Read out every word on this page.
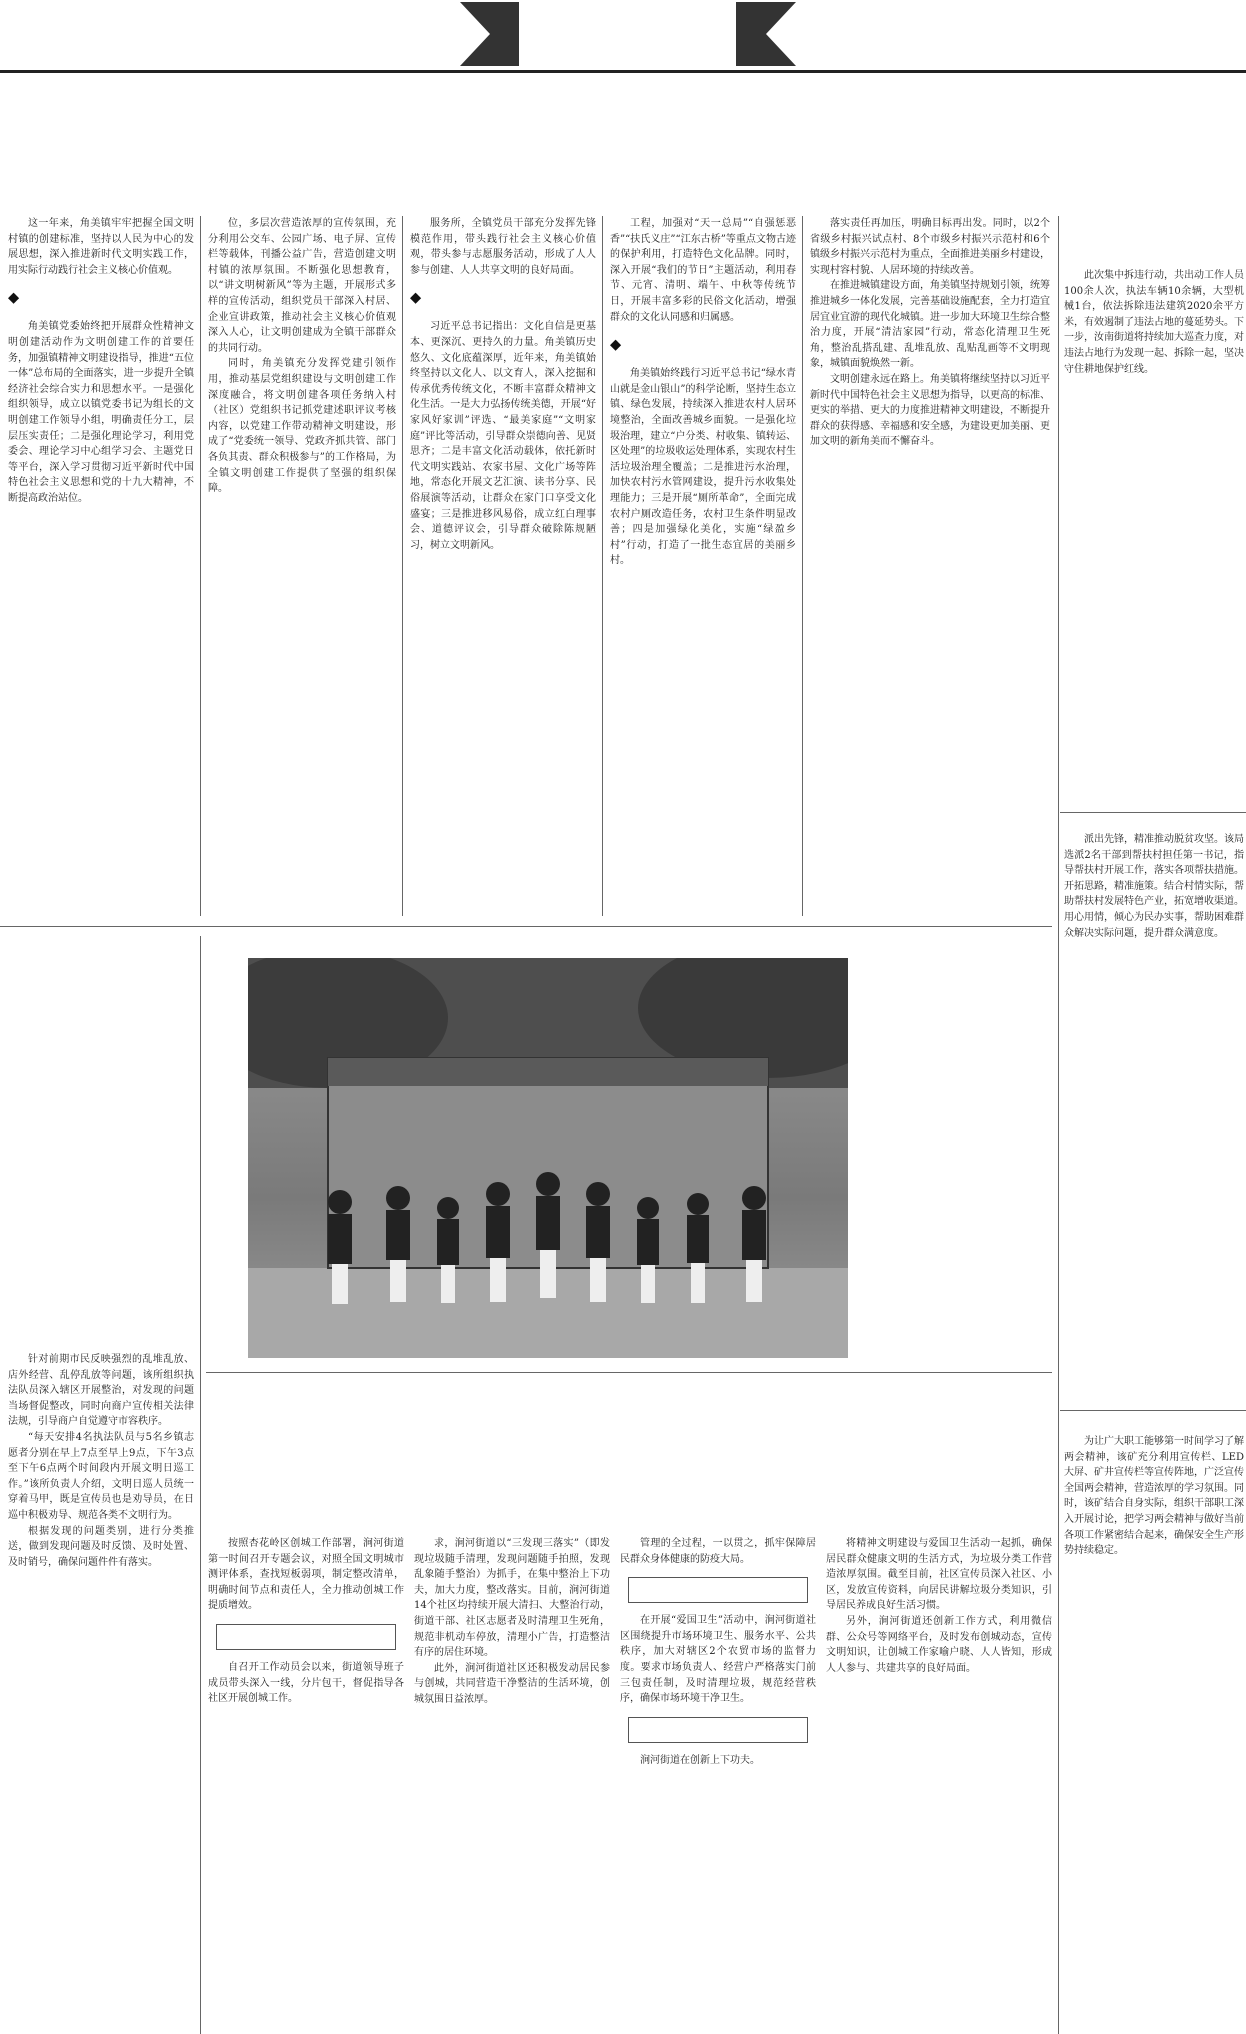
这一年来，角美镇牢牢把握全国文明村镇的创建标准，坚持以人民为中心的发展思想，深入推进新时代文明实践工作，用实际行动践行社会主义核心价值观。

◆

角美镇党委始终把开展群众性精神文明创建活动作为文明创建工作的首要任务，加强镇精神文明建设指导，推进“五位一体”总布局的全面落实，进一步提升全镇经济社会综合实力和思想水平。一是强化组织领导，成立以镇党委书记为组长的文明创建工作领导小组，明确责任分工，层层压实责任；二是强化理论学习，利用党委会、理论学习中心组学习会、主题党日等平台，深入学习贯彻习近平新时代中国特色社会主义思想和党的十九大精神，不断提高政治站位。

位，多层次营造浓厚的宣传氛围，充分利用公交车、公园广场、电子屏、宣传栏等载体，刊播公益广告，营造创建文明村镇的浓厚氛围。不断强化思想教育，以“讲文明树新风”等为主题，开展形式多样的宣传活动，组织党员干部深入村居、企业宣讲政策，推动社会主义核心价值观深入人心，让文明创建成为全镇干部群众的共同行动。

同时，角美镇充分发挥党建引领作用，推动基层党组织建设与文明创建工作深度融合，将文明创建各项任务纳入村（社区）党组织书记抓党建述职评议考核内容，以党建工作带动精神文明建设，形成了“党委统一领导、党政齐抓共管、部门各负其责、群众积极参与”的工作格局，为全镇文明创建工作提供了坚强的组织保障。

服务所，全镇党员干部充分发挥先锋模范作用，带头践行社会主义核心价值观，带头参与志愿服务活动，形成了人人参与创建、人人共享文明的良好局面。

◆

习近平总书记指出：文化自信是更基本、更深沉、更持久的力量。角美镇历史悠久、文化底蕴深厚，近年来，角美镇始终坚持以文化人、以文育人，深入挖掘和传承优秀传统文化，不断丰富群众精神文化生活。一是大力弘扬传统美德，开展“好家风好家训”评选、“最美家庭”“文明家庭”评比等活动，引导群众崇德向善、见贤思齐；二是丰富文化活动载体，依托新时代文明实践站、农家书屋、文化广场等阵地，常态化开展文艺汇演、读书分享、民俗展演等活动，让群众在家门口享受文化盛宴；三是推进移风易俗，成立红白理事会、道德评议会，引导群众破除陈规陋习，树立文明新风。

工程，加强对“天一总局”“自强惩恶香”“扶氏义庄”“江东古桥”等重点文物古迹的保护利用，打造特色文化品牌。同时，深入开展“我们的节日”主题活动，利用春节、元宵、清明、端午、中秋等传统节日，开展丰富多彩的民俗文化活动，增强群众的文化认同感和归属感。

◆

角美镇始终践行习近平总书记“绿水青山就是金山银山”的科学论断，坚持生态立镇、绿色发展，持续深入推进农村人居环境整治，全面改善城乡面貌。一是强化垃圾治理，建立“户分类、村收集、镇转运、区处理”的垃圾收运处理体系，实现农村生活垃圾治理全覆盖；二是推进污水治理，加快农村污水管网建设，提升污水收集处理能力；三是开展“厕所革命”，全面完成农村户厕改造任务，农村卫生条件明显改善；四是加强绿化美化，实施“绿盈乡村”行动，打造了一批生态宜居的美丽乡村。

落实责任再加压，明确目标再出发。同时，以2个省级乡村振兴试点村、8个市级乡村振兴示范村和6个镇级乡村振兴示范村为重点，全面推进美丽乡村建设，实现村容村貌、人居环境的持续改善。

在推进城镇建设方面，角美镇坚持规划引领，统筹推进城乡一体化发展，完善基础设施配套，全力打造宜居宜业宜游的现代化城镇。进一步加大环境卫生综合整治力度，开展“清洁家园”行动，常态化清理卫生死角，整治乱搭乱建、乱堆乱放、乱贴乱画等不文明现象，城镇面貌焕然一新。

文明创建永远在路上。角美镇将继续坚持以习近平新时代中国特色社会主义思想为指导，以更高的标准、更实的举措、更大的力度推进精神文明建设，不断提升群众的获得感、幸福感和安全感，为建设更加美丽、更加文明的新角美而不懈奋斗。

此次集中拆违行动，共出动工作人员100余人次，执法车辆10余辆，大型机械1台，依法拆除违法建筑2020余平方米，有效遏制了违法占地的蔓延势头。下一步，汝南街道将持续加大巡查力度，对违法占地行为发现一起、拆除一起，坚决守住耕地保护红线。

派出先锋，精准推动脱贫攻坚。该局选派2名干部到帮扶村担任第一书记，指导帮扶村开展工作，落实各项帮扶措施。开拓思路，精准施策。结合村情实际，帮助帮扶村发展特色产业，拓宽增收渠道。用心用情，倾心为民办实事，帮助困难群众解决实际问题，提升群众满意度。

为让广大职工能够第一时间学习了解两会精神，该矿充分利用宣传栏、LED大屏、矿井宣传栏等宣传阵地，广泛宣传全国两会精神，营造浓厚的学习氛围。同时，该矿结合自身实际，组织干部职工深入开展讨论，把学习两会精神与做好当前各项工作紧密结合起来，确保安全生产形势持续稳定。

针对前期市民反映强烈的乱堆乱放、店外经营、乱停乱放等问题，该所组织执法队员深入辖区开展整治，对发现的问题当场督促整改，同时向商户宣传相关法律法规，引导商户自觉遵守市容秩序。

“每天安排4名执法队员与5名乡镇志愿者分别在早上7点至早上9点，下午3点至下午6点两个时间段内开展文明日巡工作。”该所负责人介绍，文明日巡人员统一穿着马甲，既是宣传员也是劝导员，在日巡中积极劝导、规范各类不文明行为。

根据发现的问题类别，进行分类推送，做到发现问题及时反馈、及时处置、及时销号，确保问题件件有落实。

按照杏花岭区创城工作部署，涧河街道第一时间召开专题会议，对照全国文明城市测评体系，查找短板弱项，制定整改清单，明确时间节点和责任人，全力推动创城工作提质增效。

自召开工作动员会以来，街道领导班子成员带头深入一线，分片包干，督促指导各社区开展创城工作。

求，涧河街道以“三发现三落实”（即发现垃圾随手清理，发现问题随手拍照，发现乱象随手整治）为抓手，在集中整治上下功夫，加大力度，整改落实。目前，涧河街道14个社区均持续开展大清扫、大整治行动，街道干部、社区志愿者及时清理卫生死角，规范非机动车停放，清理小广告，打造整洁有序的居住环境。

此外，涧河街道社区还积极发动居民参与创城，共同营造干净整洁的生活环境，创城氛围日益浓厚。

管理的全过程，一以贯之，抓牢保障居民群众身体健康的防疫大局。

在开展“爱国卫生”活动中，涧河街道社区围绕提升市场环境卫生、服务水平、公共秩序，加大对辖区2个农贸市场的监督力度。要求市场负责人、经营户严格落实门前三包责任制，及时清理垃圾，规范经营秩序，确保市场环境干净卫生。

涧河街道在创新上下功夫。

将精神文明建设与爱国卫生活动一起抓，确保居民群众健康文明的生活方式，为垃圾分类工作营造浓厚氛围。截至目前，社区宣传员深入社区、小区，发放宣传资料，向居民讲解垃圾分类知识，引导居民养成良好生活习惯。

另外，涧河街道还创新工作方式，利用微信群、公众号等网络平台，及时发布创城动态，宣传文明知识，让创城工作家喻户晓、人人皆知，形成人人参与、共建共享的良好局面。
